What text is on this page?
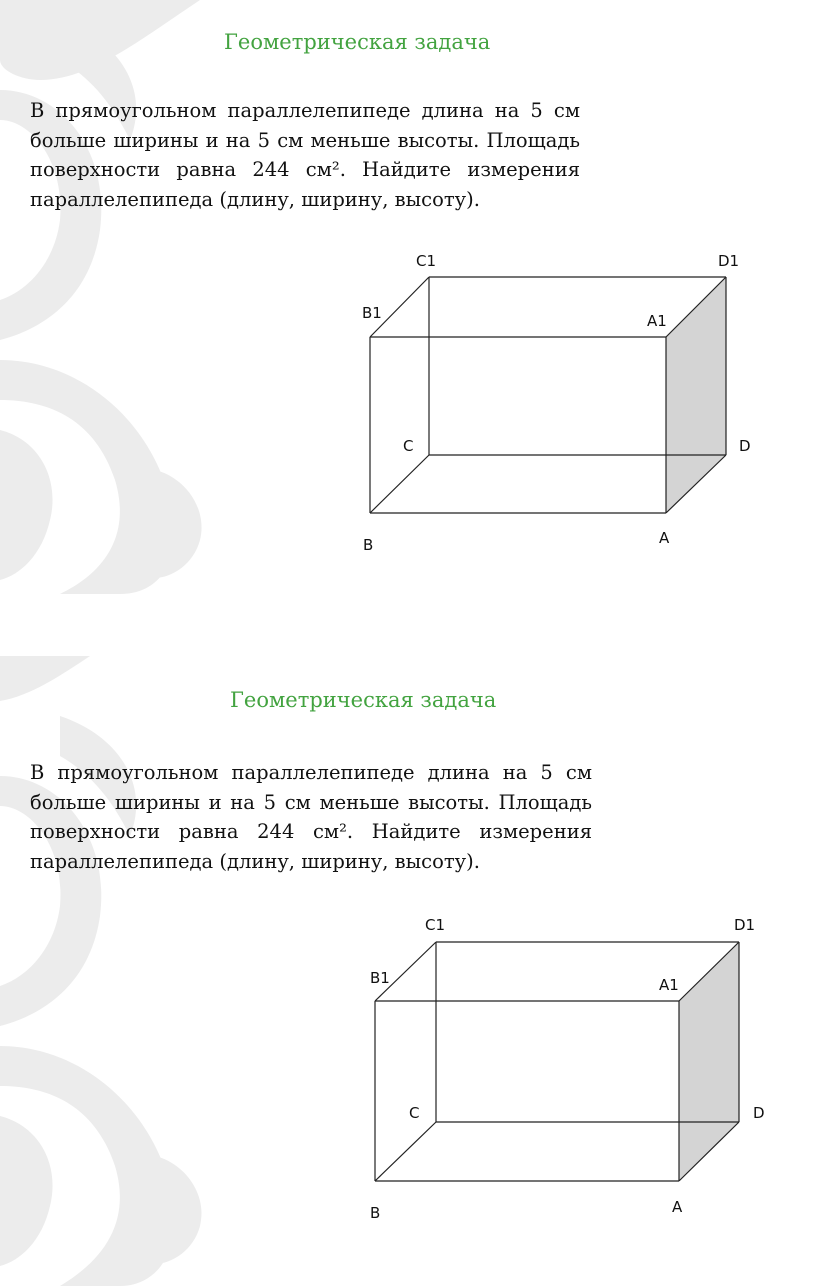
Геометрическая задача

В прямоугольном параллелепипеде длина на 5 см больше ширины и на 5 см меньше высоты. Площадь поверхности равна 244 см². Найдите измерения параллелепипеда (длину, ширину, высоту).

C1	D1
B1	A1
C	D
B	A
Геометрическая задача

В прямоугольном параллелепипеде длина на 5 см больше ширины и на 5 см меньше высоты. Площадь поверхности равна 244 см². Найдите измерения параллелепипеда (длину, ширину, высоту).

C1	D1
B1	A1
C	D
B	A
